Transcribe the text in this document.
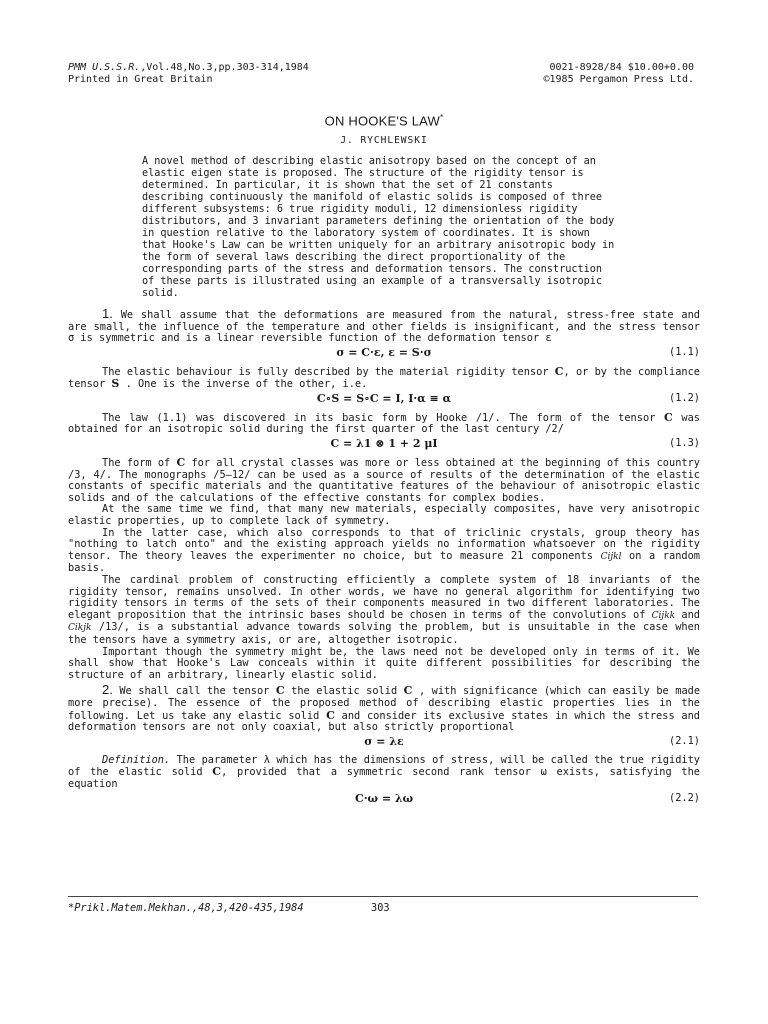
PMM U.S.S.R.,Vol.48,No.3,pp.303-314,1984
Printed in Great Britain
0021-8928/84 $10.00+0.00
©1985 Pergamon Press Ltd.
ON HOOKE'S LAW*
J. RYCHLEWSKI

A novel method of describing elastic anisotropy based on the concept of an elastic eigen state is proposed. The structure of the rigidity tensor is determined. In particular, it is shown that the set of 21 constants describing continuously the manifold of elastic solids is composed of three different subsystems: 6 true rigidity moduli, 12 dimensionless rigidity distributors, and 3 invariant parameters defining the orientation of the body in question relative to the laboratory system of coordinates. It is shown that Hooke's Law can be written uniquely for an arbitrary anisotropic body in the form of several laws describing the direct proportionality of the corresponding parts of the stress and deformation tensors. The construction of these parts is illustrated using an example of a transversally isotropic solid.

1. We shall assume that the deformations are measured from the natural, stress-free state and are small, the influence of the temperature and other fields is insignificant, and the stress tensor σ is symmetric and is a linear reversible function of the deformation tensor ε

σ = C·ε, ε = S·σ	(1.1)

The elastic behaviour is fully described by the material rigidity tensor C, or by the compliance tensor S . One is the inverse of the other, i.e.

C∘S = S∘C = I, I·α ≡ α	(1.2)

The law (1.1) was discovered in its basic form by Hooke /1/. The form of the tensor C was obtained for an isotropic solid during the first quarter of the last century /2/

C = λ1 ⊗ 1 + 2 μI	(1.3)

The form of C for all crystal classes was more or less obtained at the beginning of this country /3, 4/. The monographs /5—12/ can be used as a source of results of the determination of the elastic constants of specific materials and the quantitative features of the behaviour of anisotropic elastic solids and of the calculations of the effective constants for complex bodies.

At the same time we find, that many new materials, especially composites, have very anisotropic elastic properties, up to complete lack of symmetry.

In the latter case, which also corresponds to that of triclinic crystals, group theory has "nothing to latch onto" and the existing approach yields no information whatsoever on the rigidity tensor. The theory leaves the experimenter no choice, but to measure 21 components Cijkl on a random basis.

The cardinal problem of constructing efficiently a complete system of 18 invariants of the rigidity tensor, remains unsolved. In other words, we have no general algorithm for identifying two rigidity tensors in terms of the sets of their components measured in two different laboratories. The elegant proposition that the intrinsic bases should be chosen in terms of the convolutions of Cijkk and Cikjk /13/, is a substantial advance towards solving the problem, but is unsuitable in the case when the tensors have a symmetry axis, or are, altogether isotropic.

Important though the symmetry might be, the laws need not be developed only in terms of it. We shall show that Hooke's Law conceals within it quite different possibilities for describing the structure of an arbitrary, linearly elastic solid.

2. We shall call the tensor C the elastic solid C , with significance (which can easily be made more precise). The essence of the proposed method of describing elastic properties lies in the following. Let us take any elastic solid C and consider its exclusive states in which the stress and deformation tensors are not only coaxial, but also strictly proportional

σ = λε	(2.1)

Definition. The parameter λ which has the dimensions of stress, will be called the true rigidity of the elastic solid C, provided that a symmetric second rank tensor ω exists, satisfying the equation

C·ω = λω	(2.2)
*Prikl.Matem.Mekhan.,48,3,420-435,1984	303
